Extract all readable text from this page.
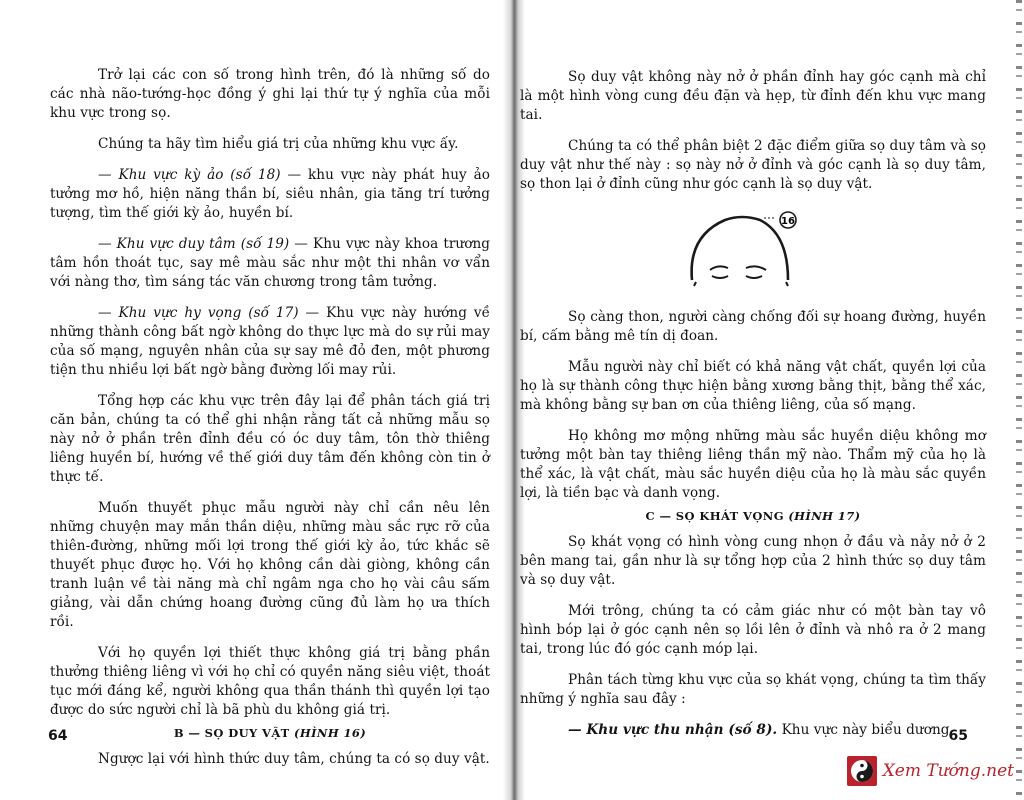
Trở lại các con số trong hình trên, đó là những số do các nhà não-tướng-học đồng ý ghi lại thứ tự ý nghĩa của mỗi khu vực trong sọ.

Chúng ta hãy tìm hiểu giá trị của những khu vực ấy.

— Khu vực kỳ ảo (số 18) — khu vực này phát huy ảo tưởng mơ hồ, hiện năng thần bí, siêu nhân, gia tăng trí tưởng tượng, tìm thế giới kỳ ảo, huyền bí.

— Khu vực duy tâm (số 19) — Khu vực này khoa trương tâm hồn thoát tục, say mê màu sắc như một thi nhân vơ vẩn với nàng thơ, tìm sáng tác văn chương trong tâm tưởng.

— Khu vực hy vọng (số 17) — Khu vực này hướng về những thành công bất ngờ không do thực lực mà do sự rủi may của số mạng, nguyên nhân của sự say mê đỏ đen, một phương tiện thu nhiều lợi bất ngờ bằng đường lối may rủi.

Tổng hợp các khu vực trên đây lại để phân tách giá trị căn bản, chúng ta có thể ghi nhận rằng tất cả những mẫu sọ này nở ở phần trên đỉnh đều có óc duy tâm, tôn thờ thiêng liêng huyền bí, hướng về thế giới duy tâm đến không còn tin ở thực tế.

Muốn thuyết phục mẫu người này chỉ cần nêu lên những chuyện may mắn thần diệu, những màu sắc rực rỡ của thiên-đường, những mối lợi trong thế giới kỳ ảo, tức khắc sẽ thuyết phục được họ. Với họ không cần dài giòng, không cần tranh luận về tài năng mà chỉ ngâm nga cho họ vài câu sấm giảng, vài dẫn chứng hoang đường cũng đủ làm họ ưa thích rồi.

Với họ quyền lợi thiết thực không giá trị bằng phần thưởng thiêng liêng vì với họ chỉ có quyền năng siêu việt, thoát tục mới đáng kể, người không qua thần thánh thì quyền lợi tạo được do sức người chỉ là bã phù du không giá trị.

B — SỌ DUY VẬT (HÌNH 16)

Ngược lại với hình thức duy tâm, chúng ta có sọ duy vật.

64

Sọ duy vật không này nở ở phần đỉnh hay góc cạnh mà chỉ là một hình vòng cung đều đặn và hẹp, từ đỉnh đến khu vực mang tai.

Chúng ta có thể phân biệt 2 đặc điểm giữa sọ duy tâm và sọ duy vật như thế này : sọ này nở ở đỉnh và góc cạnh là sọ duy tâm, sọ thon lại ở đỉnh cũng như góc cạnh là sọ duy vật.

16

Sọ càng thon, người càng chống đối sự hoang đường, huyền bí, cấm bằng mê tín dị đoan.

Mẫu người này chỉ biết có khả năng vật chất, quyền lợi của họ là sự thành công thực hiện bằng xương bằng thịt, bằng thể xác, mà không bằng sự ban ơn của thiêng liêng, của số mạng.

Họ không mơ mộng những màu sắc huyền diệu không mơ tưởng một bàn tay thiêng liêng thần mỹ nào. Thẩm mỹ của họ là thể xác, là vật chất, màu sắc huyền diệu của họ là màu sắc quyền lợi, là tiền bạc và danh vọng.

C — SỌ KHÁT VỌNG (HÌNH 17)

Sọ khát vọng có hình vòng cung nhọn ở đầu và nảy nở ở 2 bên mang tai, gần như là sự tổng hợp của 2 hình thức sọ duy tâm và sọ duy vật.

Mới trông, chúng ta có cảm giác như có một bàn tay vô hình bóp lại ở góc cạnh nên sọ lồi lên ở đỉnh và nhô ra ở 2 mang tai, trong lúc đó góc cạnh móp lại.

Phân tách từng khu vực của sọ khát vọng, chúng ta tìm thấy những ý nghĩa sau đây :

— Khu vực thu nhận (số 8). Khu vực này biểu dương 65
Xem Tướng.net
